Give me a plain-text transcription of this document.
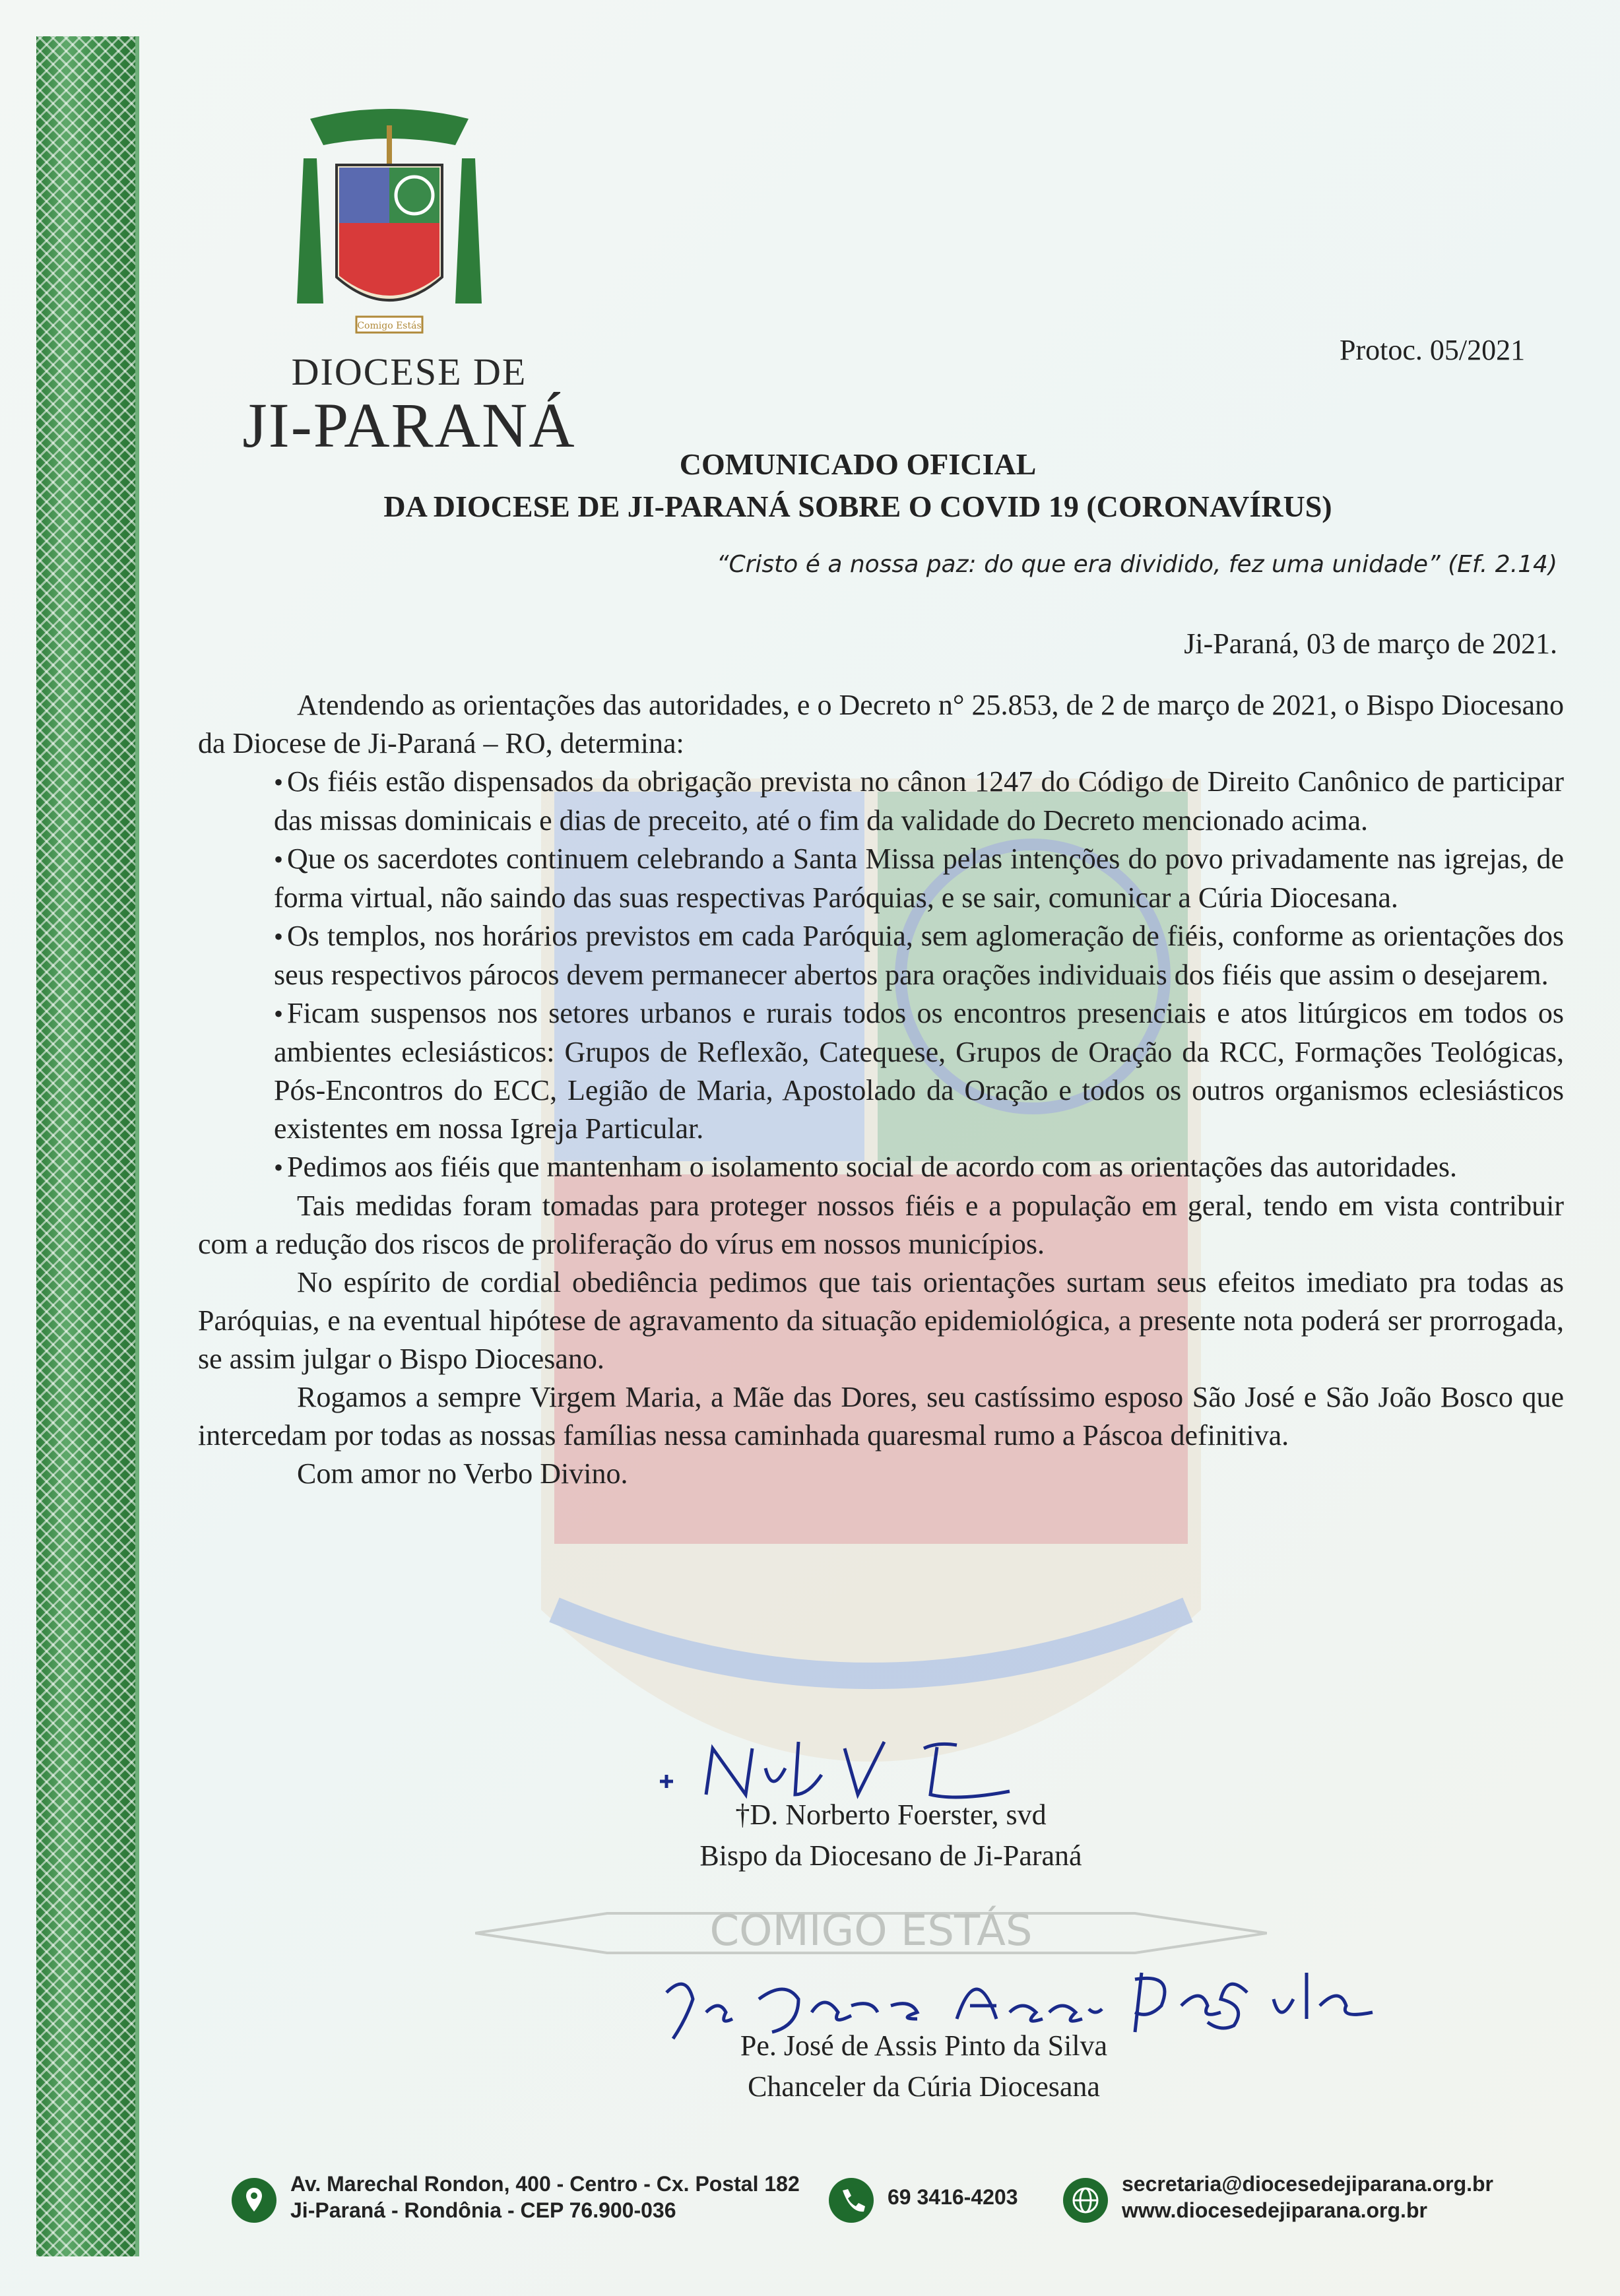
Comigo Estás
DIOCESE DE
JI-PARANÁ
Protoc. 05/2021
COMUNICADO OFICIAL
DA DIOCESE DE JI-PARANÁ SOBRE O COVID 19 (CORONAVÍRUS)
“Cristo é a nossa paz: do que era dividido, fez uma unidade” (Ef. 2.14)
Ji-Paraná, 03 de março de 2021.

Atendendo as orientações das autoridades, e o Decreto n° 25.853, de 2 de março de 2021, o Bispo Diocesano da Diocese de Ji-Paraná – RO, determina:

• Os fiéis estão dispensados da obrigação prevista no cânon 1247 do Código de Direito Canônico de participar das missas dominicais e dias de preceito, até o fim da validade do Decreto mencionado acima.
• Que os sacerdotes continuem celebrando a Santa Missa pelas intenções do povo privadamente nas igrejas, de forma virtual, não saindo das suas respectivas Paróquias, e se sair, comunicar a Cúria Diocesana.
• Os templos, nos horários previstos em cada Paróquia, sem aglomeração de fiéis, conforme as orientações dos seus respectivos párocos devem permanecer abertos para orações individuais dos fiéis que assim o desejarem.
• Ficam suspensos nos setores urbanos e rurais todos os encontros presenciais e atos litúrgicos em todos os ambientes eclesiásticos: Grupos de Reflexão, Catequese, Grupos de Oração da RCC, Formações Teológicas, Pós-Encontros do ECC, Legião de Maria, Apostolado da Oração e todos os outros organismos eclesiásticos existentes em nossa Igreja Particular.
• Pedimos aos fiéis que mantenham o isolamento social de acordo com as orientações das autoridades.

Tais medidas foram tomadas para proteger nossos fiéis e a população em geral, tendo em vista contribuir com a redução dos riscos de proliferação do vírus em nossos municípios.

No espírito de cordial obediência pedimos que tais orientações surtam seus efeitos imediato pra todas as Paróquias, e na eventual hipótese de agravamento da situação epidemiológica, a presente nota poderá ser prorrogada, se assim julgar o Bispo Diocesano.

Rogamos a sempre Virgem Maria, a Mãe das Dores, seu castíssimo esposo São José e São João Bosco que intercedam por todas as nossas famílias nessa caminhada quaresmal rumo a Páscoa definitiva.

Com amor no Verbo Divino.

†D. Norberto Foerster, svd
Bispo da Diocesano de Ji-Paraná
COMIGO ESTÁS
Pe. José de Assis Pinto da Silva
Chanceler da Cúria Diocesana
Av. Marechal Rondon, 400 - Centro - Cx. Postal 182
Ji-Paraná - Rondônia - CEP 76.900-036
69 3416-4203
secretaria@diocesedejiparana.org.br
www.diocesedejiparana.org.br
